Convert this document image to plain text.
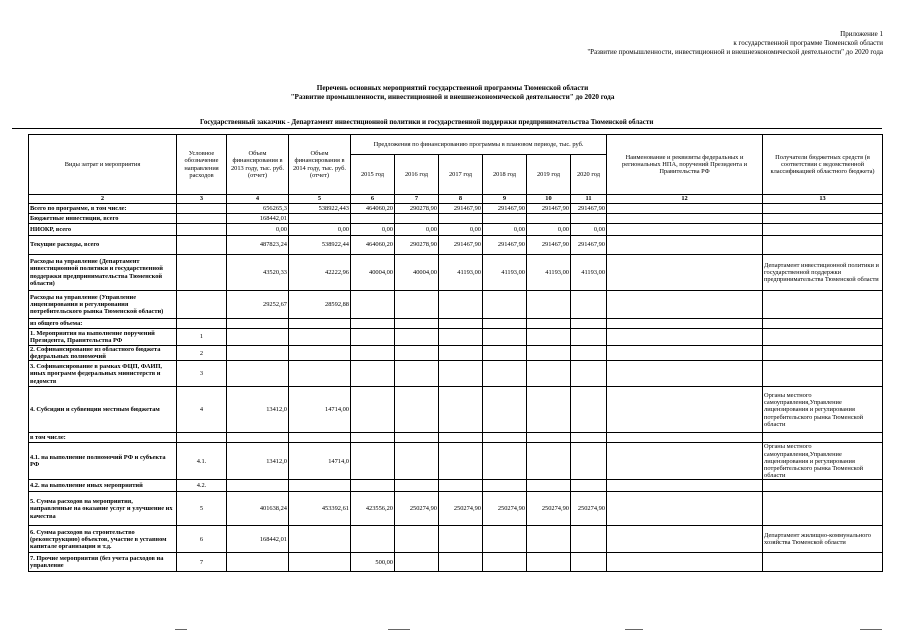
Приложение 1
к государственной программе Тюменской области
"Развитие промышленности, инвестиционной и внешнеэкономической деятельности" до 2020 года
Перечень основных мероприятий государственной программы Тюменской области
"Развитие промышленности, инвестиционной и внешнеэкономической деятельности" до 2020 года
Государственный заказчик - Департамент инвестиционной политики и государственной поддержки предпринимательства Тюменской области
Виды затрат и мероприятия	Условное обозначение направления расходов	Объем финансирования в 2013 году, тыс. руб. (отчет)	Объем финансирования в 2014 году, тыс. руб. (отчет)	Предложения по финансированию программы в плановом периоде, тыс. руб.						Наименование и реквизиты федеральных и региональных НПА, поручений Президента и Правительства РФ	Получатели бюджетных средств (в соответствии с ведомственной классификацией областного бюджета)
				2015 год	2016 год	2017 год	2018 год	2019 год	2020 год		
2	3	4	5	6	7	8	9	10	11	12	13
Всего по программе, в том числе:		656265,3	538922,443	464060,20	290278,90	291467,90	291467,90	291467,90	291467,90		
Бюджетные инвестиции, всего		168442,01									
НИОКР, всего		0,00	0,00	0,00	0,00	0,00	0,00	0,00	0,00		
Текущие расходы, всего		487823,24	538922,44	464060,20	290278,90	291467,90	291467,90	291467,90	291467,90		
Расходы на управление (Департамент инвестиционной политики и государственной поддержки предпринимательства Тюменской области)		43520,33	42222,96	40004,00	40004,00	41193,00	41193,00	41193,00	41193,00		Департамент инвестиционной политики и государственной поддержки предпринимательства Тюменской области
Расходы на управление (Управление лицензирования и регулирования потребительского рынка Тюменской области)		29252,67	28592,88								
из общего объема:											
1. Мероприятия на выполнение поручений Президента, Правительства РФ	1										
2. Софинансирование из областного бюджета федеральных полномочий	2										
3. Софинансирование в рамках ФЦП, ФАИП, иных программ федеральных министерств и ведомств	3										
4. Субсидии и субвенции местным бюджетам	4	13412,0	14714,00								Органы местного самоуправления,Управление лицензирования и регулирования потребительского рынка Тюменской области
в том числе:											
4.1. на выполнение полномочий РФ и субъекта РФ	4.1.	13412,0	14714,0								Органы местного самоуправления,Управление лицензирования и регулирования потребительского рынка Тюменской области
4.2. на выполнение иных мероприятий	4.2.										
5. Сумма расходов на мероприятия, направленные на оказание услуг и улучшение их качества	5	401638,24	453392,61	423556,20	250274,90	250274,90	250274,90	250274,90	250274,90		
6. Сумма расходов на строительство (реконструкцию) объектов, участие в уставном капитале организации и т.д.	6	168442,01									Департамент жилищно-коммунального хозяйства Тюменской области
7. Прочие мероприятия (без учета расходов на управление	7			500,00							
